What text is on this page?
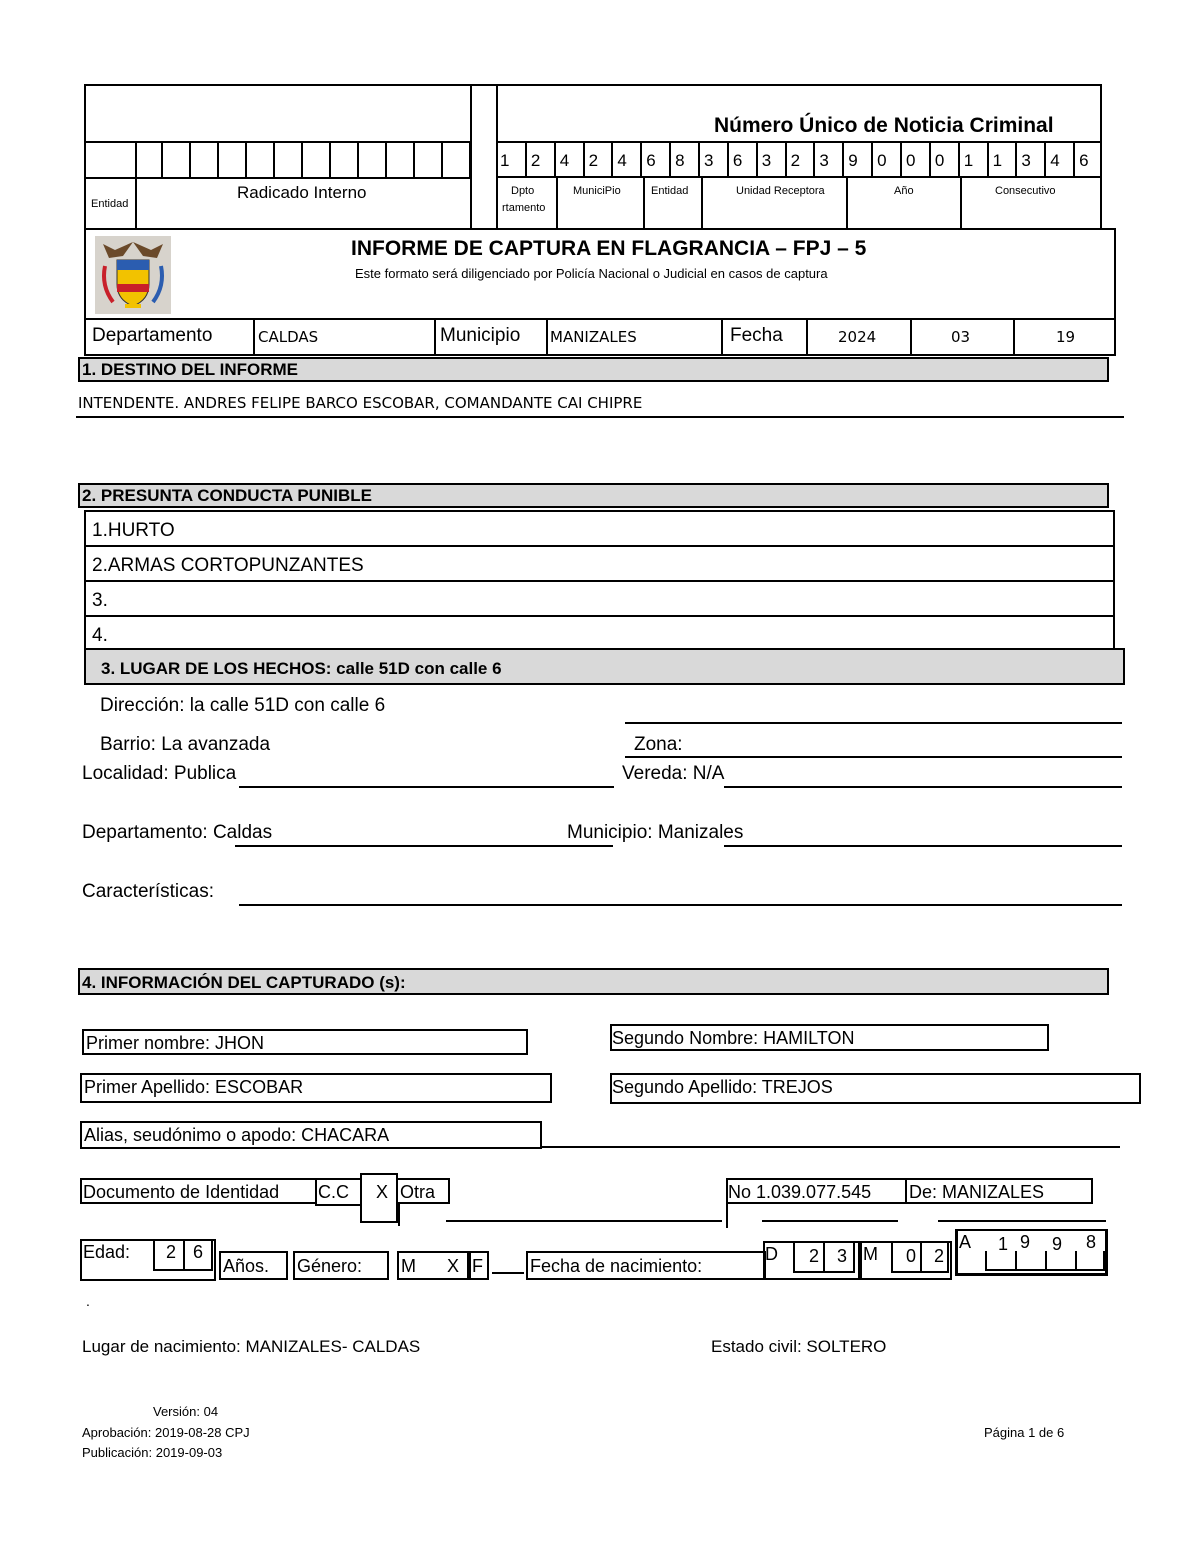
Entidad
Radicado Interno
Número Único de Noticia Criminal
1 2 4 2 4 6 8 3 6 3 2 3 9 0 0 0 1 1 3 4 6
Dpto
rtamento
MuniciPio	Entidad	Unidad Receptora	Año	Consecutivo
INFORME DE CAPTURA EN FLAGRANCIA – FPJ – 5
Este formato será diligenciado por Policía Nacional o Judicial en casos de captura
Departamento	CALDAS	Municipio MANIZALES	Fecha	2024	03	19
1. DESTINO DEL INFORME
INTENDENTE. ANDRES FELIPE BARCO ESCOBAR, COMANDANTE CAI CHIPRE
2. PRESUNTA CONDUCTA PUNIBLE
1.HURTO
2.ARMAS CORTOPUNZANTES
3.
4.
3. LUGAR DE LOS HECHOS: calle 51D con calle 6
Dirección: la calle 51D con calle 6
Barrio: La avanzada	Zona:
Localidad: Publica	Vereda: N/A
Departamento: Caldas	Municipio: Manizales
Características:
4. INFORMACIÓN DEL CAPTURADO (s):
Primer nombre: JHON	Segundo Nombre: HAMILTON
Primer Apellido: ESCOBAR	Segundo Apellido: TREJOS
Alias, seudónimo o apodo: CHACARA
Documento de Identidad C.C X Otra	No 1.039.077.545 De: MANIZALES
Edad: 2 6
Años. Género: M X F	Fecha de nacimiento:
D 2 3 M 0 2
A 1 9 9 8
.
Lugar de nacimiento: MANIZALES- CALDAS	Estado civil: SOLTERO
Versión: 04
Aprobación: 2019-08-28 CPJ
Publicación: 2019-09-03
Página 1 de 6
